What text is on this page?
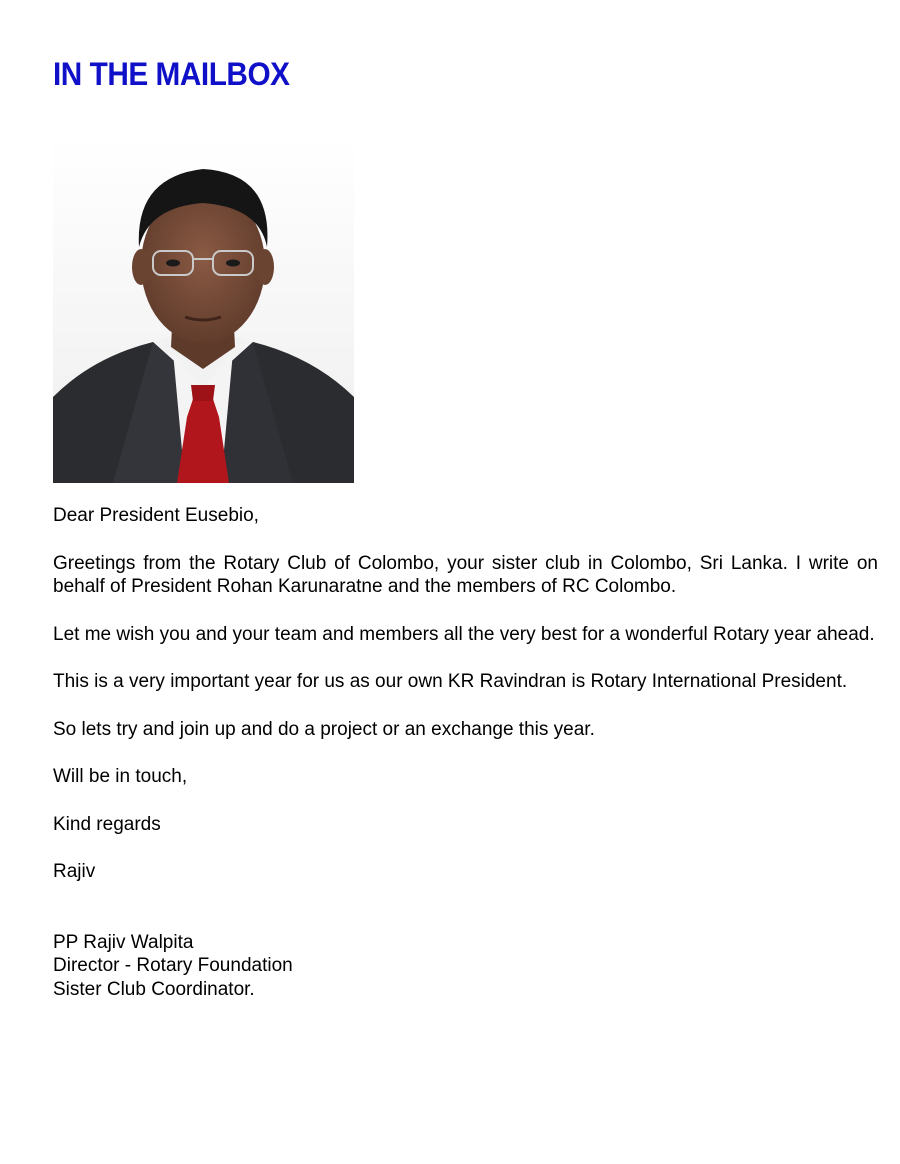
IN THE MAILBOX

Dear President Eusebio,

Greetings from the Rotary Club of Colombo, your sister club in Colombo, Sri Lanka. I write on behalf of President Rohan Karunaratne and the members of RC Colombo.

Let me wish you and your team and members all the very best for a wonderful Rotary year ahead.

This is a very important year for us as our own KR Ravindran is Rotary International President.

So lets try and join up and do a project or an exchange this year.

Will be in touch,

Kind regards

Rajiv

PP Rajiv Walpita

Director - Rotary Foundation

Sister Club Coordinator.
